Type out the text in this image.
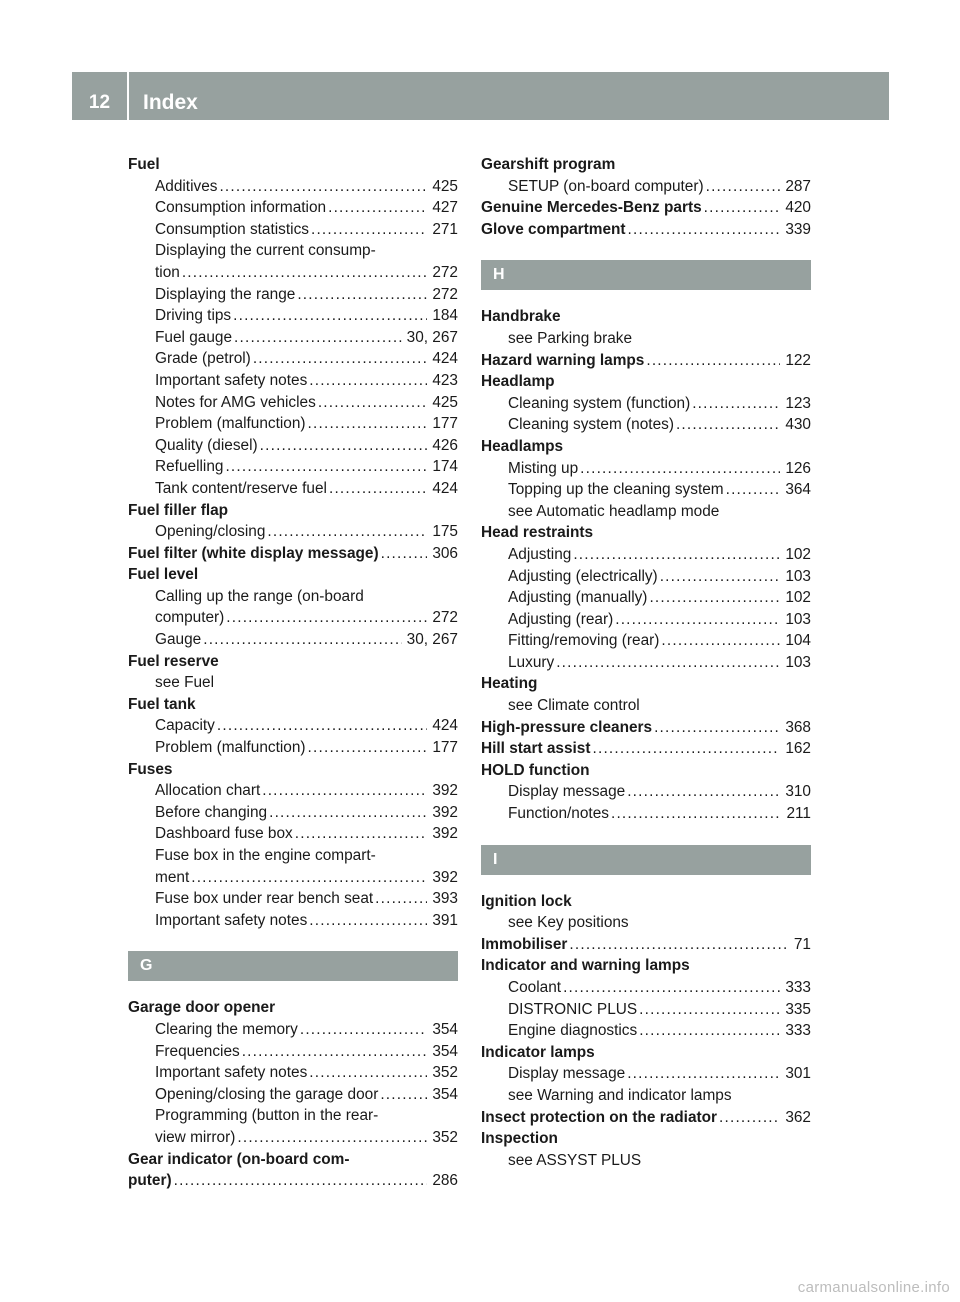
12	Index
Fuel
Additives .....	425
Consumption information .....	427
Consumption statistics .....	271
Displaying the current consump-
tion .....	272
Displaying the range .....	272
Driving tips .....	184
Fuel gauge .....	30, 267
Grade (petrol) .....	424
Important safety notes .....	423
Notes for AMG vehicles .....	425
Problem (malfunction) .....	177
Quality (diesel) .....	426
Refuelling .....	174
Tank content/reserve fuel .....	424
Fuel filler flap
Opening/closing .....	175
Fuel filter (white display message) .....	306
Fuel level
Calling up the range (on-board
computer) .....	272
Gauge .....	30, 267
Fuel reserve
see Fuel
Fuel tank
Capacity .....	424
Problem (malfunction) .....	177
Fuses
Allocation chart .....	392
Before changing .....	392
Dashboard fuse box .....	392
Fuse box in the engine compart-
ment .....	392
Fuse box under rear bench seat .....	393
Important safety notes .....	391
G
Garage door opener
Clearing the memory .....	354
Frequencies .....	354
Important safety notes .....	352
Opening/closing the garage door .....	354
Programming (button in the rear-
view mirror) .....	352
Gear indicator (on-board com-
puter) .....	286
Gearshift program
SETUP (on-board computer) .....	287
Genuine Mercedes-Benz parts .....	420
Glove compartment .....	339
H
Handbrake
see Parking brake
Hazard warning lamps .....	122
Headlamp
Cleaning system (function) .....	123
Cleaning system (notes) .....	430
Headlamps
Misting up .....	126
Topping up the cleaning system .....	364
see Automatic headlamp mode
Head restraints
Adjusting .....	102
Adjusting (electrically) .....	103
Adjusting (manually) .....	102
Adjusting (rear) .....	103
Fitting/removing (rear) .....	104
Luxury .....	103
Heating
see Climate control
High-pressure cleaners .....	368
Hill start assist .....	162
HOLD function
Display message .....	310
Function/notes .....	211
I
Ignition lock
see Key positions
Immobiliser .....	71
Indicator and warning lamps
Coolant .....	333
DISTRONIC PLUS .....	335
Engine diagnostics .....	333
Indicator lamps
Display message .....	301
see Warning and indicator lamps
Insect protection on the radiator .....	362
Inspection
see ASSYST PLUS
carmanualsonline.info
